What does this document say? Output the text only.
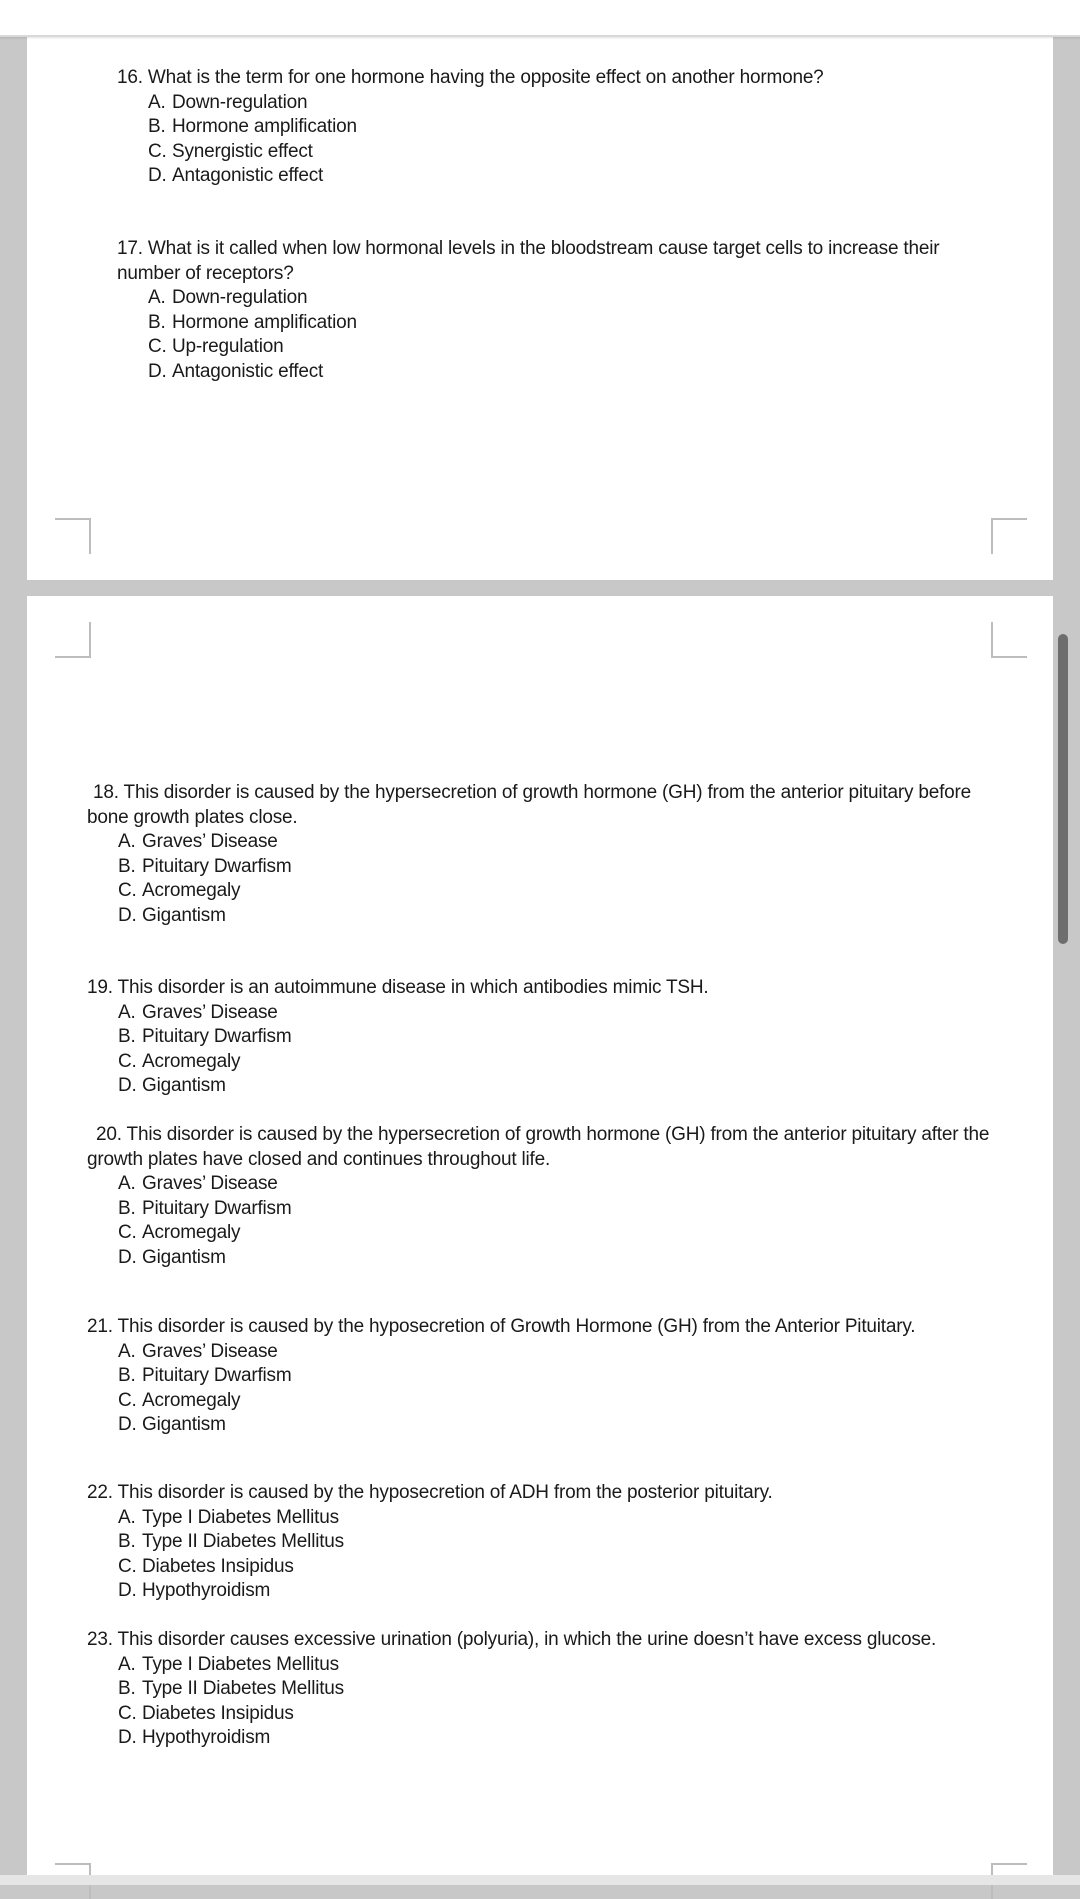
16. What is the term for one hormone having the opposite effect on another hormone?

A. Down-regulation
B. Hormone amplification
C. Synergistic effect
D. Antagonistic effect

17. What is it called when low hormonal levels in the bloodstream cause target cells to increase their number of receptors?

A. Down-regulation
B. Hormone amplification
C. Up-regulation
D. Antagonistic effect

18. This disorder is caused by the hypersecretion of growth hormone (GH) from the anterior pituitary before bone growth plates close.

A. Graves’ Disease
B. Pituitary Dwarfism
C. Acromegaly
D. Gigantism

19. This disorder is an autoimmune disease in which antibodies mimic TSH.

A. Graves’ Disease
B. Pituitary Dwarfism
C. Acromegaly
D. Gigantism

20. This disorder is caused by the hypersecretion of growth hormone (GH) from the anterior pituitary after the growth plates have closed and continues throughout life.

A. Graves’ Disease
B. Pituitary Dwarfism
C. Acromegaly
D. Gigantism

21. This disorder is caused by the hyposecretion of Growth Hormone (GH) from the Anterior Pituitary.

A. Graves’ Disease
B. Pituitary Dwarfism
C. Acromegaly
D. Gigantism

22. This disorder is caused by the hyposecretion of ADH from the posterior pituitary.

A. Type I Diabetes Mellitus
B. Type II Diabetes Mellitus
C. Diabetes Insipidus
D. Hypothyroidism

23. This disorder causes excessive urination (polyuria), in which the urine doesn’t have excess glucose.

A. Type I Diabetes Mellitus
B. Type II Diabetes Mellitus
C. Diabetes Insipidus
D. Hypothyroidism
